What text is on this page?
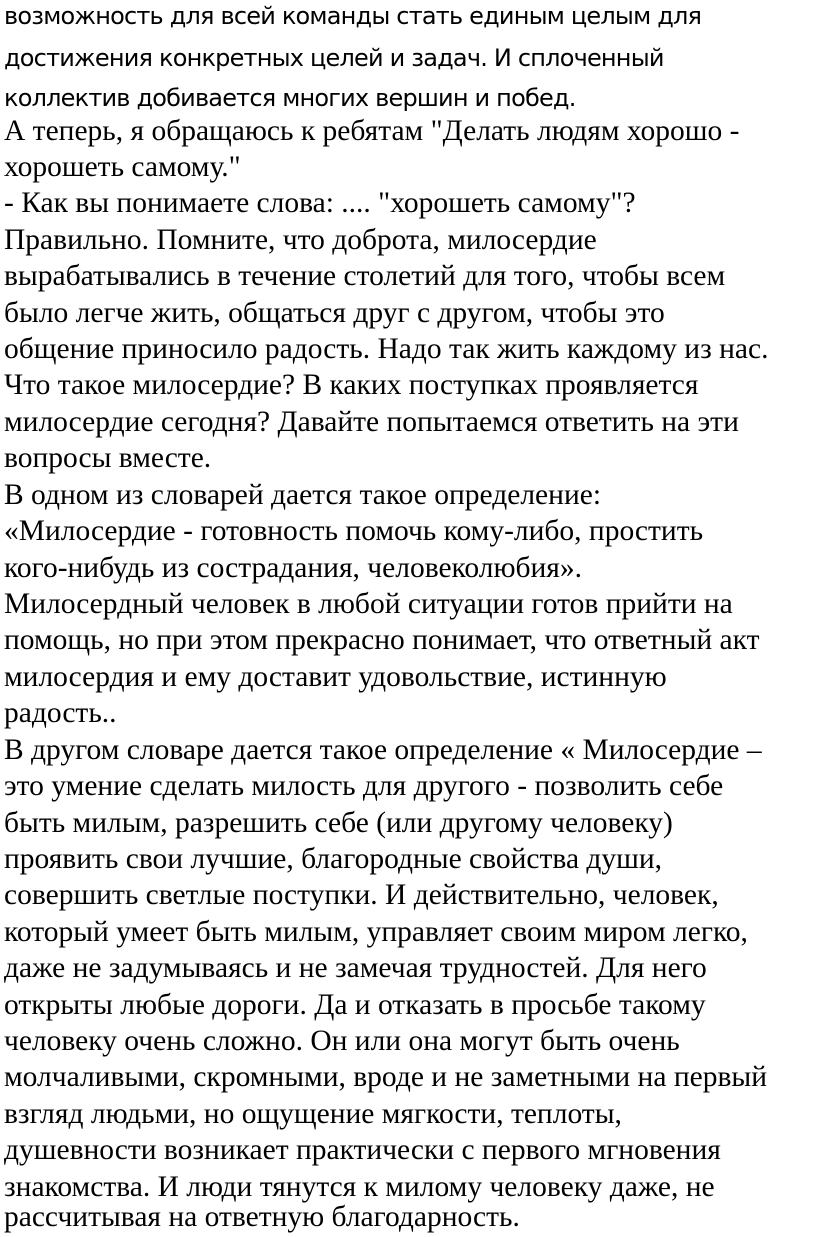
возможность для всей команды стать единым целым для
достижения конкретных целей и задач. И сплоченный
коллектив добивается многих вершин и побед.
А теперь, я обращаюсь к ребятам "Делать людям хорошо -
хорошеть самому."
- Как вы понимаете слова: .... "хорошеть самому"?
Правильно. Помните, что доброта, милосердие
вырабатывались в течение столетий для того, чтобы всем
было легче жить, общаться друг с другом, чтобы это
общение приносило радость. Надо так жить каждому из нас.
Что такое милосердие? В каких поступках проявляется
милосердие сегодня? Давайте попытаемся ответить на эти
вопросы вместе.
В одном из словарей дается такое определение:
«Милосердие - готовность помочь кому-либо, простить
кого-нибудь из сострадания, человеколюбия».
Милосердный человек в любой ситуации готов прийти на
помощь, но при этом прекрасно понимает, что ответный акт
милосердия и ему доставит удовольствие, истинную
радость..
В другом словаре дается такое определение « Милосердие –
это умение сделать милость для другого - позволить себе
быть милым, разрешить себе (или другому человеку)
проявить свои лучшие, благородные свойства души,
совершить светлые поступки. И действительно, человек,
который умеет быть милым, управляет своим миром легко,
даже не задумываясь и не замечая трудностей. Для него
открыты любые дороги. Да и отказать в просьбе такому
человеку очень сложно. Он или она могут быть очень
молчаливыми, скромными, вроде и не заметными на первый
взгляд людьми, но ощущение мягкости, теплоты,
душевности возникает практически с первого мгновения
знакомства. И люди тянутся к милому человеку даже, не
рассчитывая на ответную благодарность.
